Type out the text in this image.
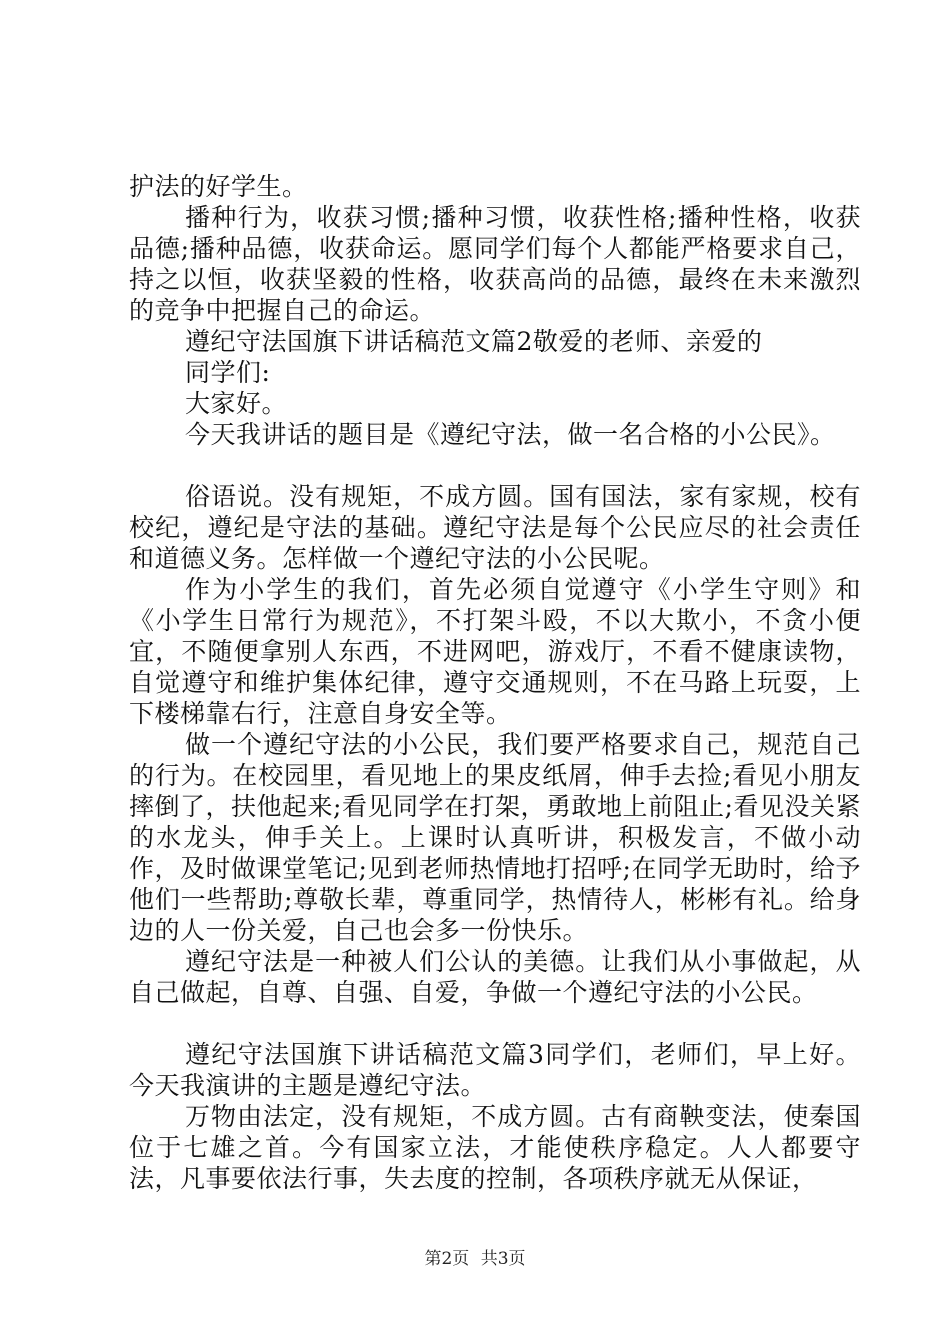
护法的好学生。

播种行为，收获习惯;播种习惯，收获性格;播种性格，收获品德;播种品德，收获命运。愿同学们每个人都能严格要求自己，持之以恒，收获坚毅的性格，收获高尚的品德，最终在未来激烈的竞争中把握自己的命运。

遵纪守法国旗下讲话稿范文篇2敬爱的老师、亲爱的

同学们:

大家好。

今天我讲话的题目是《遵纪守法，做一名合格的小公民》。

俗语说。没有规矩，不成方圆。国有国法，家有家规，校有校纪，遵纪是守法的基础。遵纪守法是每个公民应尽的社会责任和道德义务。怎样做一个遵纪守法的小公民呢。

作为小学生的我们，首先必须自觉遵守《小学生守则》和《小学生日常行为规范》，不打架斗殴，不以大欺小，不贪小便宜，不随便拿别人东西，不进网吧，游戏厅，不看不健康读物，自觉遵守和维护集体纪律，遵守交通规则，不在马路上玩耍，上下楼梯靠右行，注意自身安全等。

做一个遵纪守法的小公民，我们要严格要求自己，规范自己的行为。在校园里，看见地上的果皮纸屑，伸手去捡;看见小朋友摔倒了，扶他起来;看见同学在打架，勇敢地上前阻止;看见没关紧的水龙头，伸手关上。上课时认真听讲，积极发言，不做小动作，及时做课堂笔记;见到老师热情地打招呼;在同学无助时，给予他们一些帮助;尊敬长辈，尊重同学，热情待人，彬彬有礼。给身边的人一份关爱，自己也会多一份快乐。

遵纪守法是一种被人们公认的美德。让我们从小事做起，从自己做起，自尊、自强、自爱，争做一个遵纪守法的小公民。

遵纪守法国旗下讲话稿范文篇3同学们，老师们，早上好。今天我演讲的主题是遵纪守法。

万物由法定，没有规矩，不成方圆。古有商鞅变法，使秦国位于七雄之首。今有国家立法，才能使秩序稳定。人人都要守法，凡事要依法行事，失去度的控制，各项秩序就无从保证，

第2页 共3页
